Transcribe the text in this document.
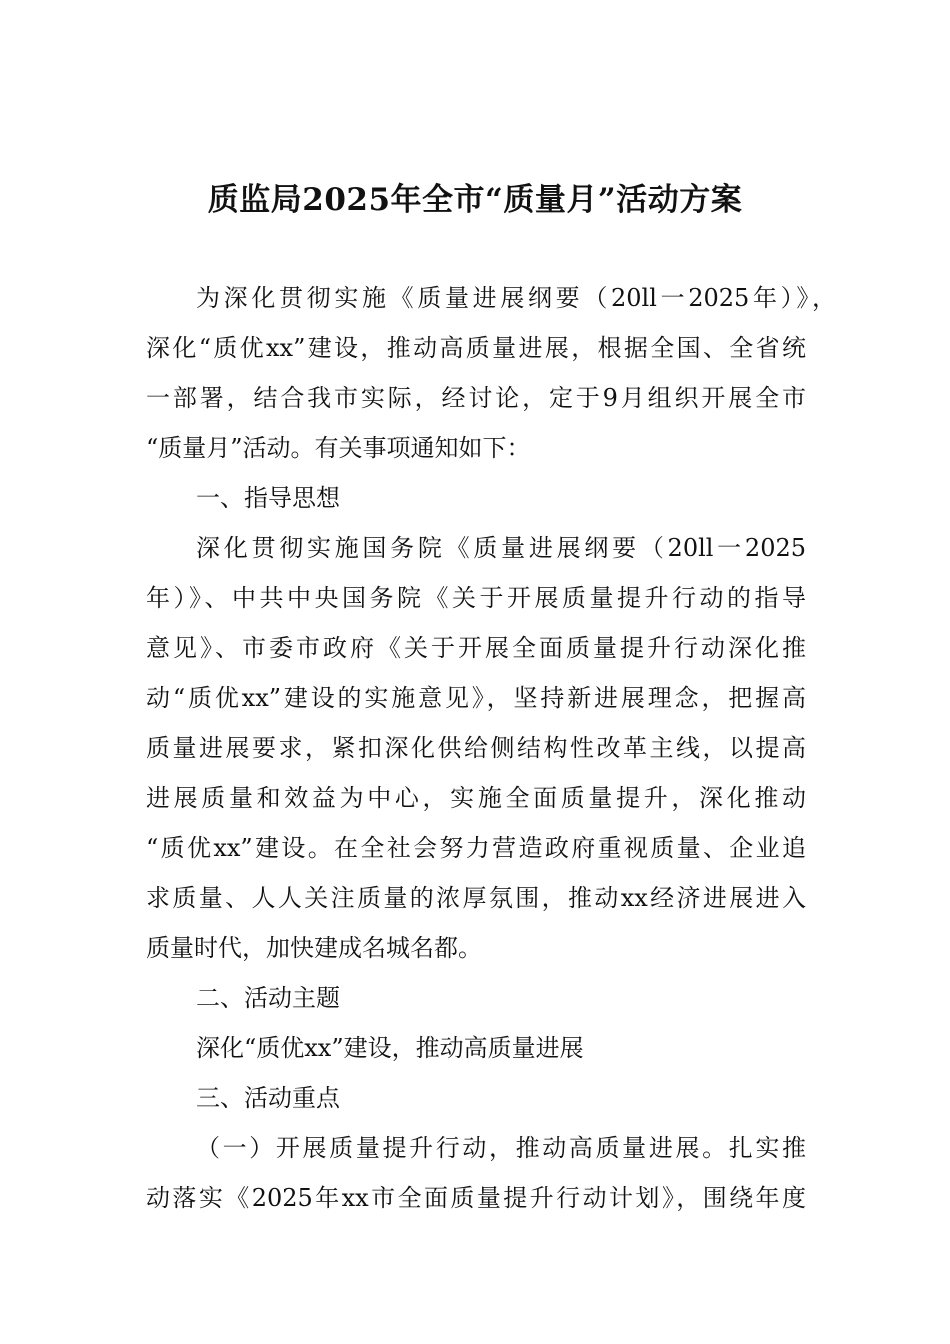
质监局2025年全市“质量月”活动方案
为深化贯彻实施《质量进展纲要（20ll一2025年）》，
深化“质优xx”建设，推动高质量进展，根据全国、全省统
一部署，结合我市实际，经讨论，定于9月组织开展全市
“质量月”活动。有关事项通知如下：
一、指导思想
深化贯彻实施国务院《质量进展纲要（20ll一2025
年）》、中共中央国务院《关于开展质量提升行动的指导
意见》、市委市政府《关于开展全面质量提升行动深化推
动“质优xx”建设的实施意见》，坚持新进展理念，把握高
质量进展要求，紧扣深化供给侧结构性改革主线，以提高
进展质量和效益为中心，实施全面质量提升，深化推动
“质优xx”建设。在全社会努力营造政府重视质量、企业追
求质量、人人关注质量的浓厚氛围，推动xx经济进展进入
质量时代，加快建成名城名都。
二、活动主题
深化“质优xx”建设，推动高质量进展
三、活动重点
（一）开展质量提升行动，推动高质量进展。扎实推
动落实《2025年xx市全面质量提升行动计划》，围绕年度
